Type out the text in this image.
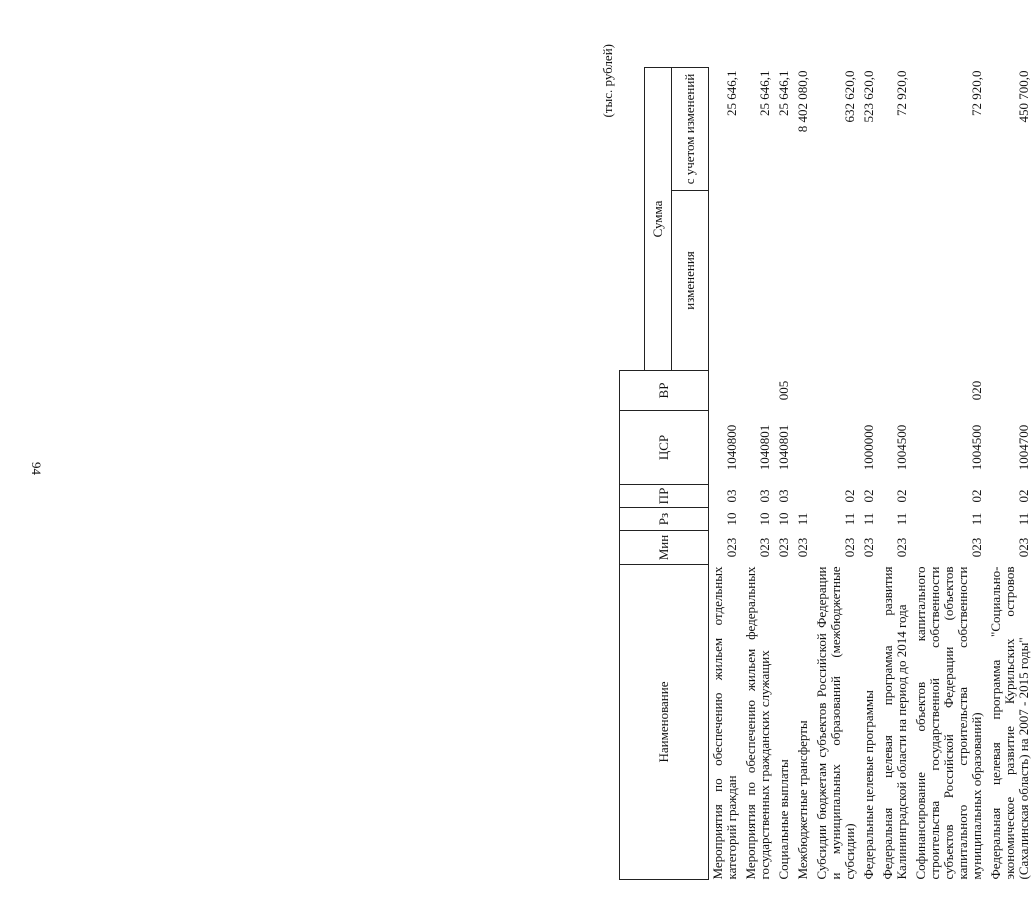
94
(тыс. рублей)
Наименование	Мин	Рз	ПР	ЦСР	ВР		
						Сумма	
						изменения	с учетом изменений
Мероприятия по обеспечению жильем отдельных категорий граждан	023	10	03	1040800			25 646,1
Мероприятия по обеспечению жильем федеральных государственных гражданских служащих	023	10	03	1040801			25 646,1
Социальные выплаты	023	10	03	1040801	005		25 646,1
Межбюджетные трансферты	023	11					8 402 080,0
Субсидии бюджетам субъектов Российской Федерации и муниципальных образований (межбюджетные субсидии)	023	11	02				632 620,0
Федеральные целевые программы	023	11	02	1000000			523 620,0
Федеральная целевая программа развития Калининградской области на период до 2014 года	023	11	02	1004500			72 920,0
Софинансирование объектов капитального строительства государственной собственности субъектов Российской Федерации (объектов капитального строительства собственности муниципальных образований)	023	11	02	1004500	020		72 920,0
Федеральная целевая программа "Социально-экономическое развитие Курильских островов (Сахалинская область) на 2007 - 2015 годы"	023	11	02	1004700			450 700,0
